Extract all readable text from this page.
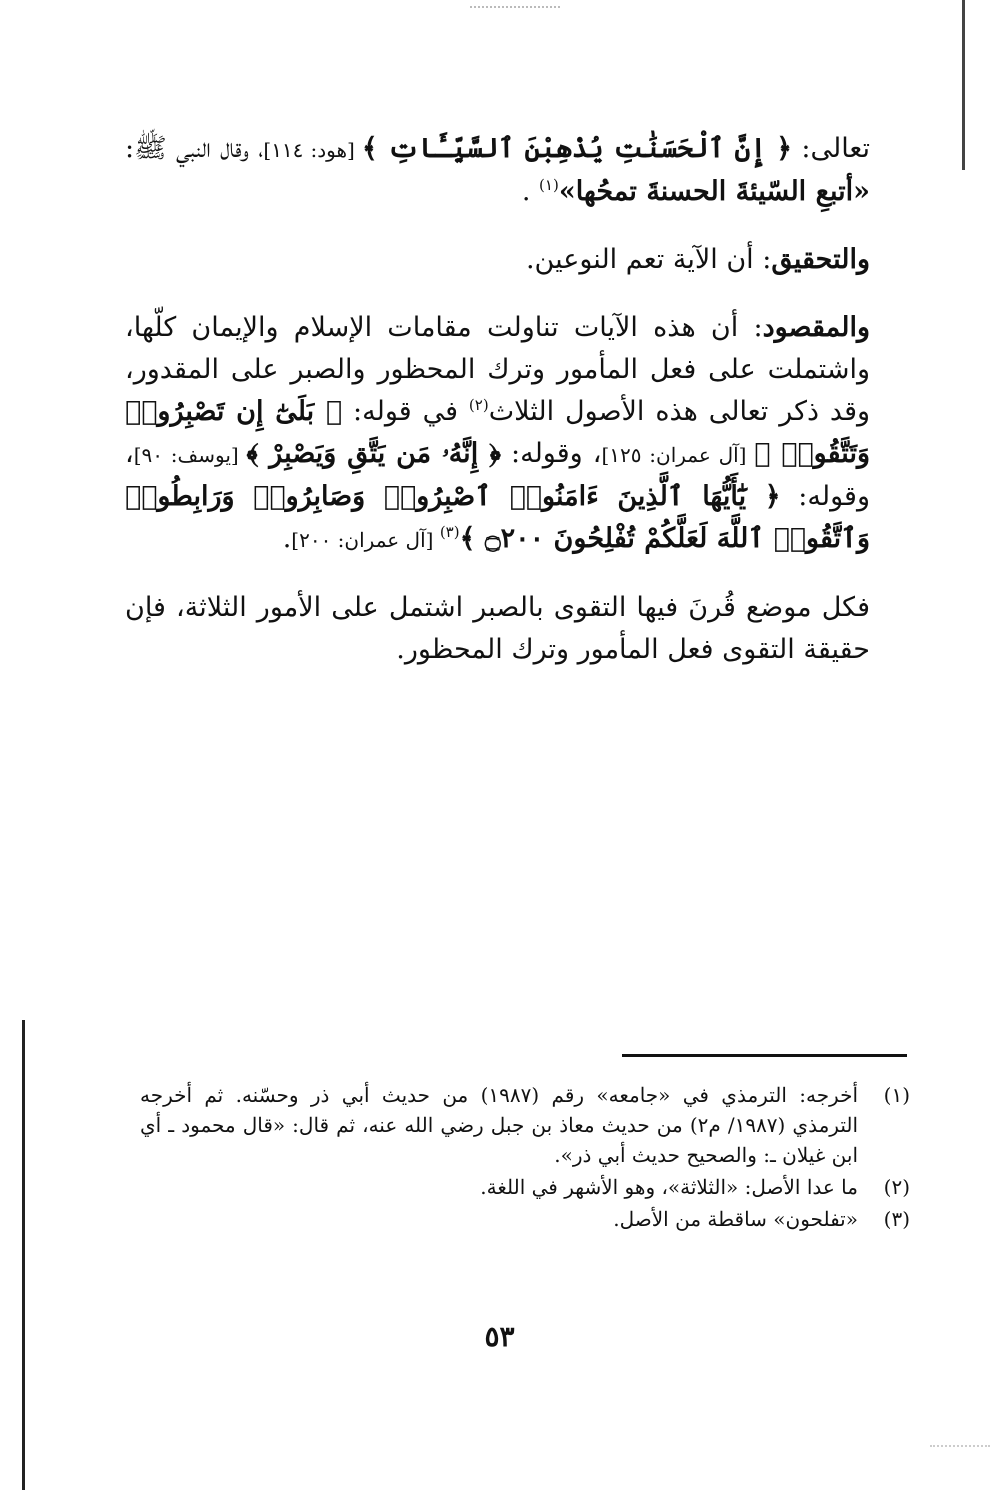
تعالى: ﴿ إِنَّ ٱلْحَسَنَٰتِ يُذْهِبْنَ ٱلسَّيِّـَٔاتِ ﴾ [هود: ١١٤]، وقال النبي ﷺ: «أتبعِ السّيئةَ الحسنةَ تمحُها»$^{(١)}$ .

والتحقيق: أن الآية تعم النوعين.

والمقصود: أن هذه الآيات تناولت مقامات الإسلام والإيمان كلّها، واشتملت على فعل المأمور وترك المحظور والصبر على المقدور، وقد ذكر تعالى هذه الأصول الثلاث$^{(٢)}$ في قوله: ﴿ بَلَىٰٓ إِن تَصْبِرُوا۟ وَتَتَّقُوا۟ ﴾ [آل عمران: ١٢٥]، وقوله: ﴿ إِنَّهُۥ مَن يَتَّقِ وَيَصْبِرْ ﴾ [يوسف: ٩٠]، وقوله: ﴿ يَٰٓأَيُّهَا ٱلَّذِينَ ءَامَنُوا۟ ٱصْبِرُوا۟ وَصَابِرُوا۟ وَرَابِطُوا۟ وَٱتَّقُوا۟ ٱللَّهَ لَعَلَّكُمْ تُفْلِحُونَ ۝٢٠٠ ﴾$^{(٣)}$ [آل عمران: ٢٠٠].

فكل موضع قُرنَ فيها التقوى بالصبر اشتمل على الأمور الثلاثة، فإن حقيقة التقوى فعل المأمور وترك المحظور.

(١)
أخرجه: الترمذي في «جامعه» رقم (١٩٨٧) من حديث أبي ذر وحسّنه. ثم أخرجه الترمذي (١٩٨٧/ م٢) من حديث معاذ بن جبل رضي الله عنه، ثم قال: «قال محمود ـ أي ابن غيلان ـ: والصحيح حديث أبي ذر».
(٢)
ما عدا الأصل: «الثلاثة»، وهو الأشهر في اللغة.
(٣)
«تفلحون» ساقطة من الأصل.
٥٣
